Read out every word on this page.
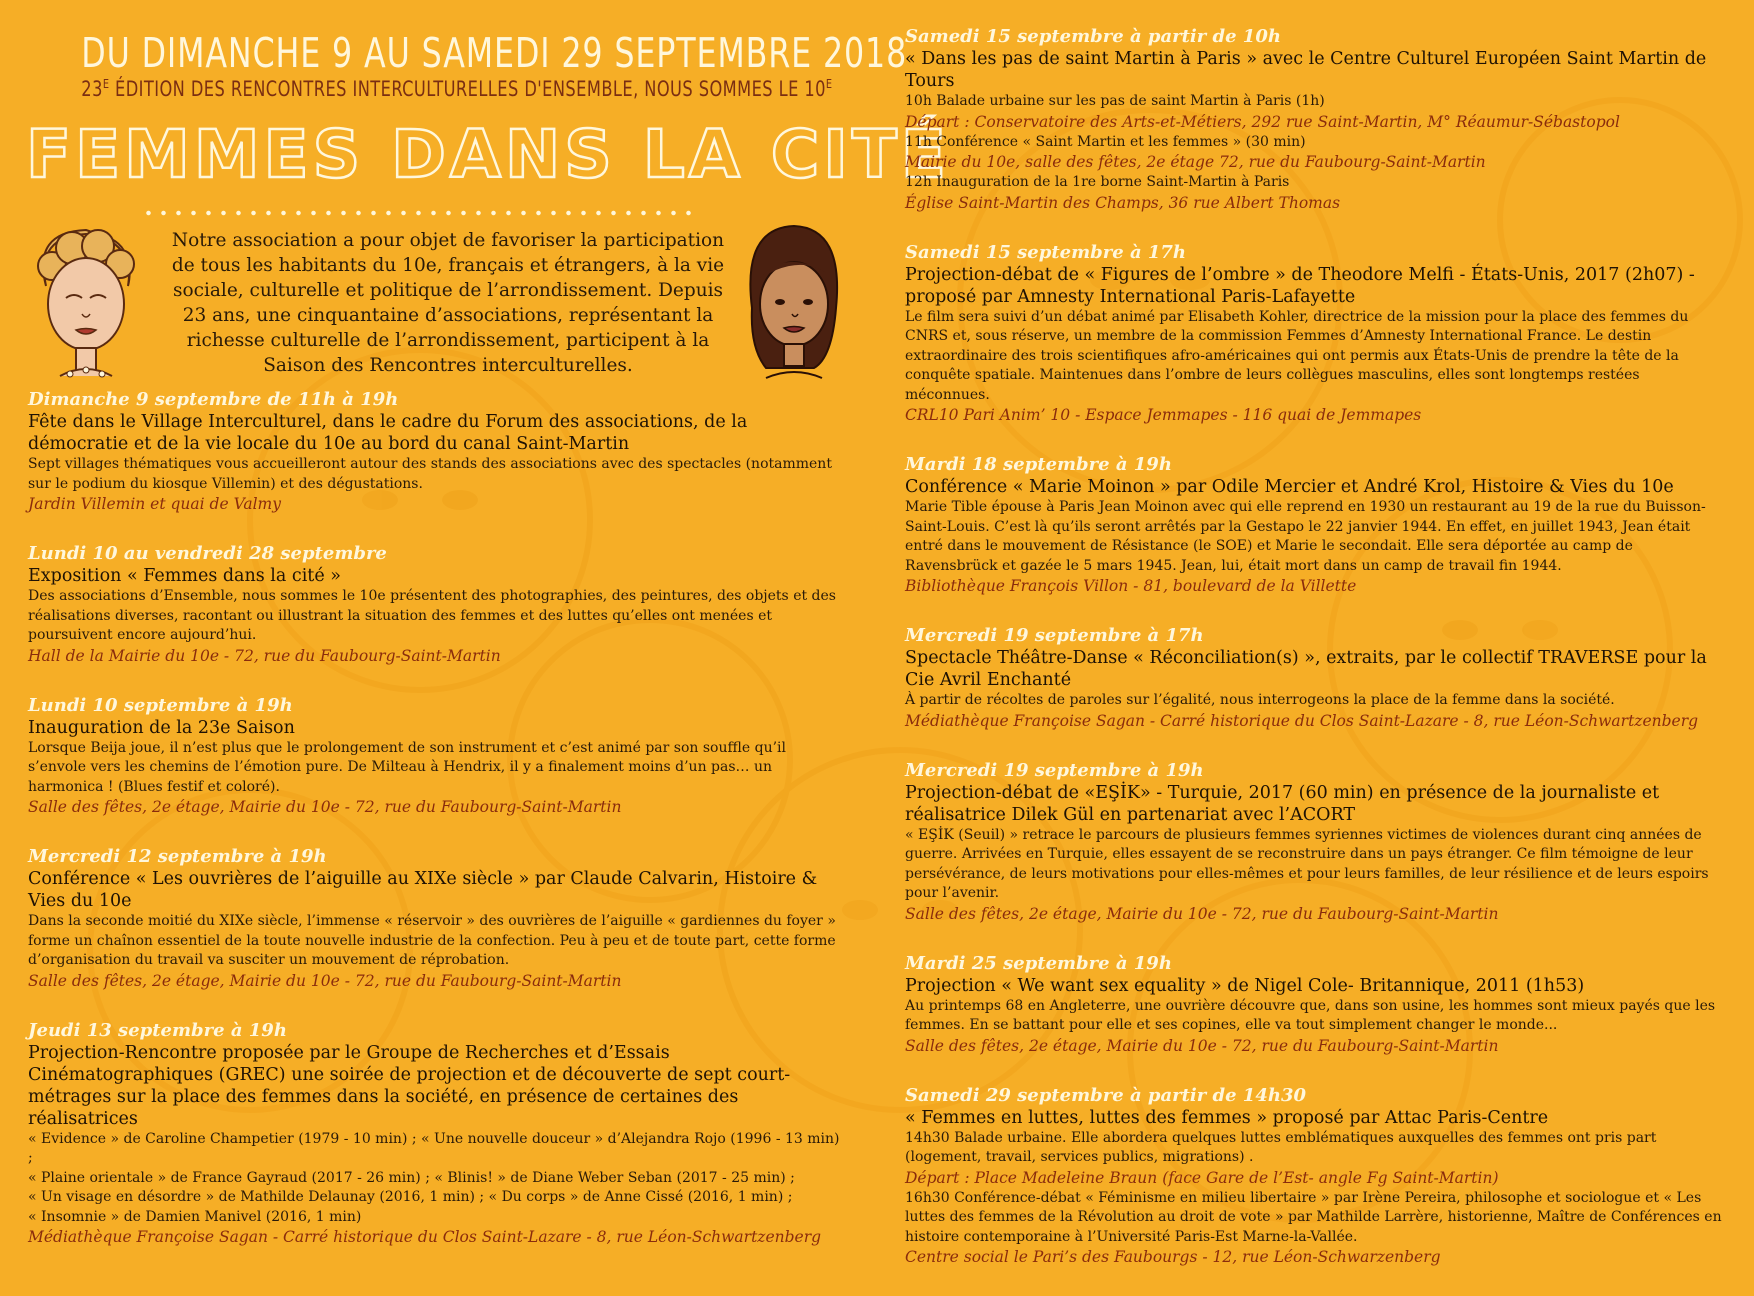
DU DIMANCHE 9 AU SAMEDI 29 SEPTEMBRE 2018
$23^E$ ÉDITION DES RENCONTRES INTERCULTURELLES D'ENSEMBLE, NOUS SOMMES LE $10^E$
FEMMES DANS LA CITÉ
Notre association a pour objet de favoriser la participation de tous les habitants du 10e, français et étrangers, à la vie sociale, culturelle et politique de l’arrondissement. Depuis 23 ans, une cinquantaine d’associations, représentant la richesse culturelle de l’arrondissement, participent à la Saison des Rencontres interculturelles.
Dimanche 9 septembre de 11h à 19h
Fête dans le Village Interculturel, dans le cadre du Forum des associations, de la démocratie et de la vie locale du 10e au bord du canal Saint-Martin
Sept villages thématiques vous accueilleront autour des stands des associations avec des spectacles (notamment sur le podium du kiosque Villemin) et des dégustations.
Jardin Villemin et quai de Valmy
Lundi 10 au vendredi 28 septembre
Exposition « Femmes dans la cité »
Des associations d’Ensemble, nous sommes le 10e présentent des photographies, des peintures, des objets et des réalisations diverses, racontant ou illustrant la situation des femmes et des luttes qu’elles ont menées et poursuivent encore aujourd’hui.
Hall de la Mairie du 10e - 72, rue du Faubourg-Saint-Martin
Lundi 10 septembre à 19h
Inauguration de la 23e Saison
Lorsque Beija joue, il n’est plus que le prolongement de son instrument et c’est animé par son souffle qu’il s’envole vers les chemins de l’émotion pure. De Milteau à Hendrix, il y a finalement moins d’un pas… un harmonica ! (Blues festif et coloré).
Salle des fêtes, 2e étage, Mairie du 10e - 72, rue du Faubourg-Saint-Martin
Mercredi 12 septembre à 19h
Conférence « Les ouvrières de l’aiguille au XIXe siècle » par Claude Calvarin, Histoire & Vies du 10e
Dans la seconde moitié du XIXe siècle, l’immense « réservoir » des ouvrières de l’aiguille « gardiennes du foyer » forme un chaînon essentiel de la toute nouvelle industrie de la confection. Peu à peu et de toute part, cette forme d’organisation du travail va susciter un mouvement de réprobation.
Salle des fêtes, 2e étage, Mairie du 10e - 72, rue du Faubourg-Saint-Martin
Jeudi 13 septembre à 19h
Projection-Rencontre proposée par le Groupe de Recherches et d’Essais Cinématographiques (GREC) une soirée de projection et de découverte de sept court-métrages sur la place des femmes dans la société, en présence de certaines des réalisatrices
« Evidence » de Caroline Champetier (1979 - 10 min) ; « Une nouvelle douceur » d’Alejandra Rojo (1996 - 13 min) ;
« Plaine orientale » de France Gayraud (2017 - 26 min) ; « Blinis! » de Diane Weber Seban (2017 - 25 min) ;
« Un visage en désordre » de Mathilde Delaunay (2016, 1 min) ; « Du corps » de Anne Cissé (2016, 1 min) ;
« Insomnie » de Damien Manivel (2016, 1 min)
Médiathèque Françoise Sagan - Carré historique du Clos Saint-Lazare - 8, rue Léon-Schwartzenberg
Samedi 15 septembre à partir de 10h
« Dans les pas de saint Martin à Paris » avec le Centre Culturel Européen Saint Martin de Tours
10h Balade urbaine sur les pas de saint Martin à Paris (1h)
Départ : Conservatoire des Arts-et-Métiers, 292 rue Saint-Martin, M° Réaumur-Sébastopol
11h Conférence « Saint Martin et les femmes » (30 min)
Mairie du 10e, salle des fêtes, 2e étage 72, rue du Faubourg-Saint-Martin
12h Inauguration de la 1re borne Saint-Martin à Paris
Église Saint-Martin des Champs, 36 rue Albert Thomas
Samedi 15 septembre à 17h
Projection-débat de « Figures de l’ombre » de Theodore Melfi - États-Unis, 2017 (2h07) - proposé par Amnesty International Paris-Lafayette
Le film sera suivi d’un débat animé par Elisabeth Kohler, directrice de la mission pour la place des femmes du CNRS et, sous réserve, un membre de la commission Femmes d’Amnesty International France. Le destin extraordinaire des trois scientifiques afro-américaines qui ont permis aux États-Unis de prendre la tête de la conquête spatiale. Maintenues dans l’ombre de leurs collègues masculins, elles sont longtemps restées méconnues.
CRL10 Pari Anim’ 10 - Espace Jemmapes - 116 quai de Jemmapes
Mardi 18 septembre à 19h
Conférence « Marie Moinon » par Odile Mercier et André Krol, Histoire & Vies du 10e
Marie Tible épouse à Paris Jean Moinon avec qui elle reprend en 1930 un restaurant au 19 de la rue du Buisson-Saint-Louis. C’est là qu’ils seront arrêtés par la Gestapo le 22 janvier 1944. En effet, en juillet 1943, Jean était entré dans le mouvement de Résistance (le SOE) et Marie le secondait. Elle sera déportée au camp de Ravensbrück et gazée le 5 mars 1945. Jean, lui, était mort dans un camp de travail fin 1944.
Bibliothèque François Villon - 81, boulevard de la Villette
Mercredi 19 septembre à 17h
Spectacle Théâtre-Danse « Réconciliation(s) », extraits, par le collectif TRAVERSE pour la Cie Avril Enchanté
À partir de récoltes de paroles sur l’égalité, nous interrogeons la place de la femme dans la société.
Médiathèque Françoise Sagan - Carré historique du Clos Saint-Lazare - 8, rue Léon-Schwartzenberg
Mercredi 19 septembre à 19h
Projection-débat de «EŞİK» - Turquie, 2017 (60 min) en présence de la journaliste et réalisatrice Dilek Gül en partenariat avec l’ACORT
« EŞİK (Seuil) » retrace le parcours de plusieurs femmes syriennes victimes de violences durant cinq années de guerre. Arrivées en Turquie, elles essayent de se reconstruire dans un pays étranger. Ce film témoigne de leur persévérance, de leurs motivations pour elles-mêmes et pour leurs familles, de leur résilience et de leurs espoirs pour l’avenir.
Salle des fêtes, 2e étage, Mairie du 10e - 72, rue du Faubourg-Saint-Martin
Mardi 25 septembre à 19h
Projection « We want sex equality » de Nigel Cole- Britannique, 2011 (1h53)
Au printemps 68 en Angleterre, une ouvrière découvre que, dans son usine, les hommes sont mieux payés que les femmes. En se battant pour elle et ses copines, elle va tout simplement changer le monde...
Salle des fêtes, 2e étage, Mairie du 10e - 72, rue du Faubourg-Saint-Martin
Samedi 29 septembre à partir de 14h30
« Femmes en luttes, luttes des femmes » proposé par Attac Paris-Centre
14h30 Balade urbaine. Elle abordera quelques luttes emblématiques auxquelles des femmes ont pris part (logement, travail, services publics, migrations) .
Départ : Place Madeleine Braun (face Gare de l’Est- angle Fg Saint-Martin)
16h30 Conférence-débat « Féminisme en milieu libertaire » par Irène Pereira, philosophe et sociologue et « Les luttes des femmes de la Révolution au droit de vote » par Mathilde Larrère, historienne, Maître de Conférences en histoire contemporaine à l’Université Paris-Est Marne-la-Vallée.
Centre social le Pari’s des Faubourgs - 12, rue Léon-Schwarzenberg
